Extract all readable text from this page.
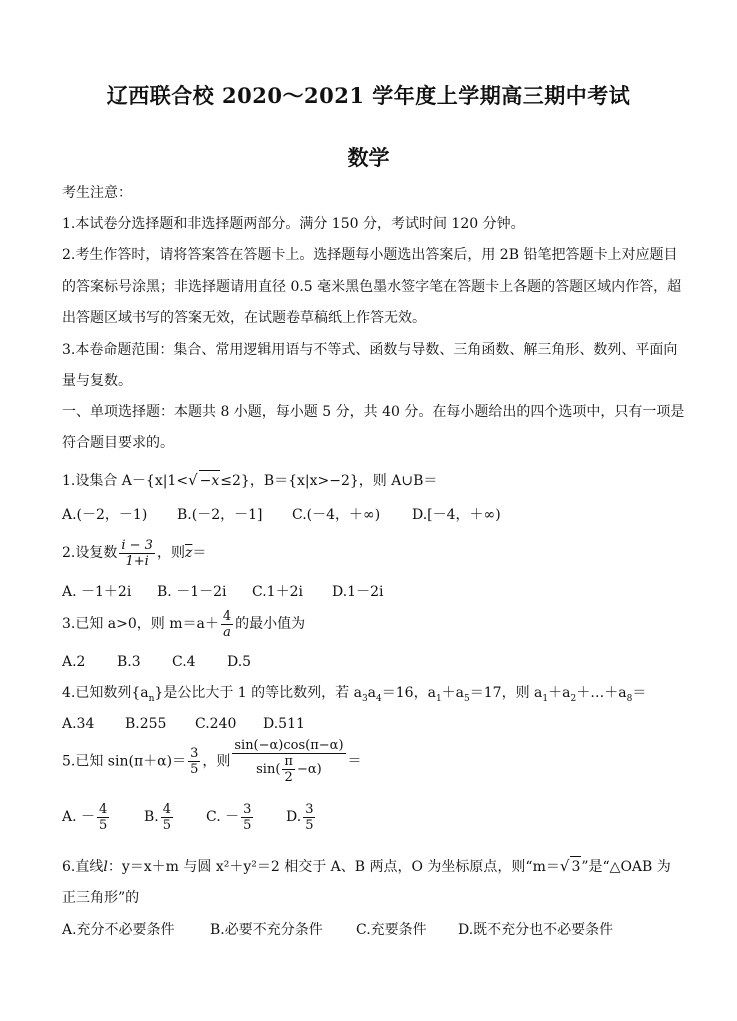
辽西联合校 2020～2021 学年度上学期高三期中考试
数学
考生注意：
1.本试卷分选择题和非选择题两部分。满分 150 分，考试时间 120 分钟。
2.考生作答时，请将答案答在答题卡上。选择题每小题选出答案后，用 2B 铅笔把答题卡上对应题目
的答案标号涂黑；非选择题请用直径 0.5 毫米黑色墨水签字笔在答题卡上各题的答题区域内作答，超
出答题区域书写的答案无效，在试题卷草稿纸上作答无效。
3.本卷命题范围：集合、常用逻辑用语与不等式、函数与导数、三角函数、解三角形、数列、平面向
量与复数。
一、单项选择题：本题共 8 小题，每小题 5 分，共 40 分。在每小题给出的四个选项中，只有一项是
符合题目要求的。
1.设集合 A－{x|1<√ −x≤2}，B＝{x|x>−2}，则 A∪B＝
A.(－2，－1) B.(－2，－1] C.(－4，＋∞) D.[－4，＋∞)
2.设复数 $\frac{i - 3}{1+i}$ ，则$\overline{z}=$
A. －1＋2i B. －1－2i C.1＋2i D.1－2i
3.已知 a>0，则 $m=a+ \frac{4}{a}$ 的最小值为
A.2 B.3 C.4 D.5
4.已知数列$\{a_n\}$是公比大于 1 的等比数列，若 $a_3a_4=16$，$a_1+a_5=17$，则 $a_1+a_2+\dots+a_8=$
A.34 B.255 C.240 D.511
5.已知 $\sin(\pi+\alpha)= \frac{3}{5}$ ，则 $\frac{\sin(-\alpha)\cos(\pi-\alpha)}{\sin( \frac{\pi}{2} -\alpha)}$ ＝
A. － $\frac{4}{5} B$. $\frac{4}{5} C$. － $\frac{3}{5} D$. $\frac{3}{5}$
6.直线l：y＝x＋m 与圆 x²＋y²＝2 相交于 A、B 两点，O 为坐标原点，则“m＝√ 3”是“△OAB 为
正三角形”的
A.充分不必要条件	B.必要不充分条件 C.充要条件 D.既不充分也不必要条件
